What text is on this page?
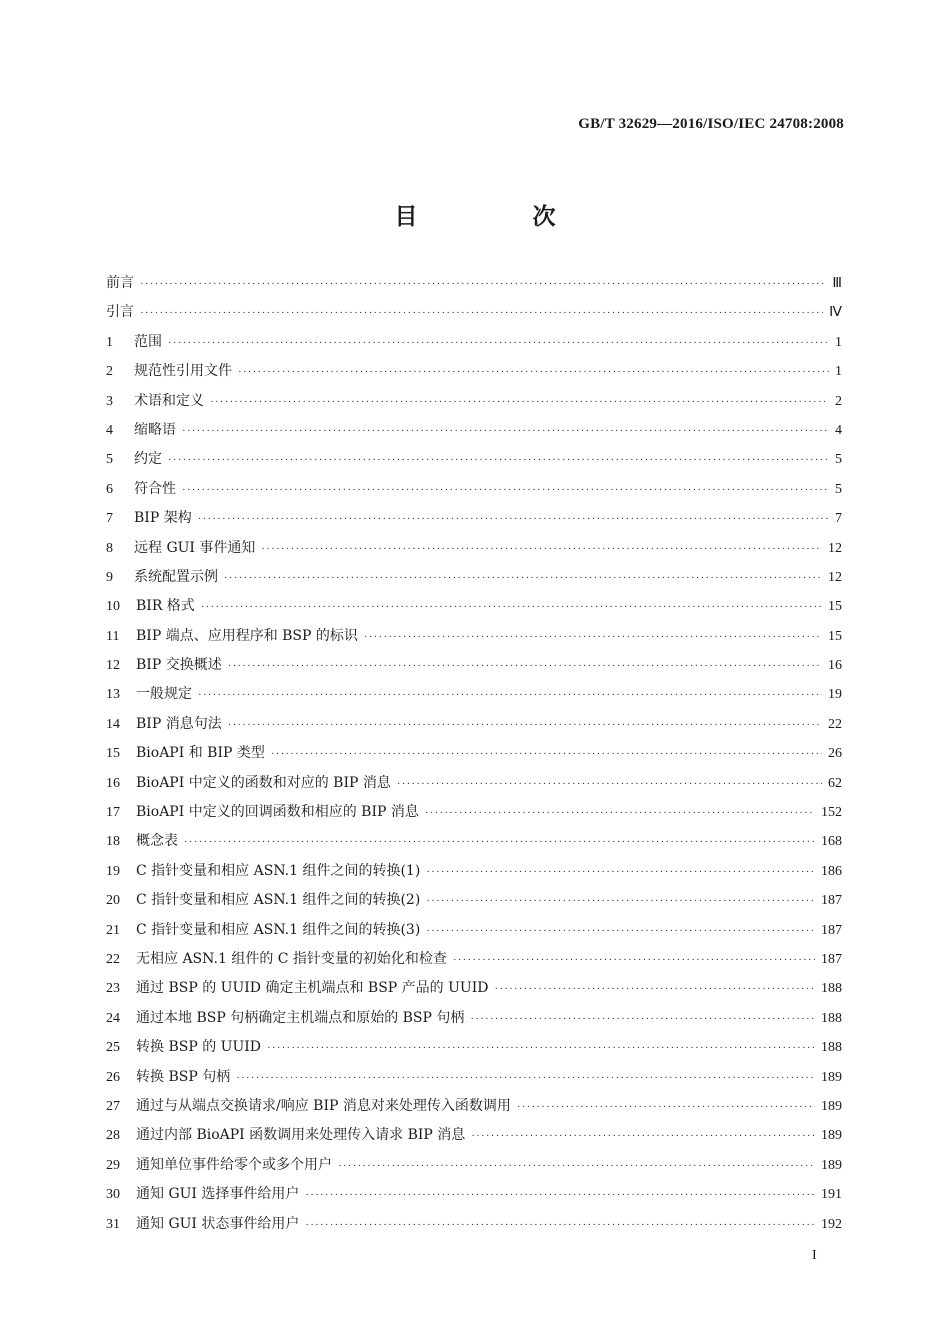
GB/T 32629—2016/ISO/IEC 24708:2008
目　次
前言 ·····	Ⅲ
引言 ·····	Ⅳ
1	范围 ·····	1
2	规范性引用文件 ·····	1
3	术语和定义 ·····	2
4	缩略语 ·····	4
5	约定 ·····	5
6	符合性 ·····	5
7	BIP 架构 ·····	7
8	远程 GUI 事件通知 ·····	12
9	系统配置示例 ·····	12
10	BIR 格式 ·····	15
11	BIP 端点、应用程序和 BSP 的标识 ·····	15
12	BIP 交换概述 ·····	16
13	一般规定 ·····	19
14	BIP 消息句法 ·····	22
15	BioAPI 和 BIP 类型 ·····	26
16	BioAPI 中定义的函数和对应的 BIP 消息 ·····	62
17	BioAPI 中定义的回调函数和相应的 BIP 消息 ·····	152
18	概念表 ·····	168
19	C 指针变量和相应 ASN.1 组件之间的转换(1) ·····	186
20	C 指针变量和相应 ASN.1 组件之间的转换(2) ·····	187
21	C 指针变量和相应 ASN.1 组件之间的转换(3) ·····	187
22	无相应 ASN.1 组件的 C 指针变量的初始化和检查 ·····	187
23	通过 BSP 的 UUID 确定主机端点和 BSP 产品的 UUID ·····	188
24	通过本地 BSP 句柄确定主机端点和原始的 BSP 句柄 ·····	188
25	转换 BSP 的 UUID ·····	188
26	转换 BSP 句柄 ·····	189
27	通过与从端点交换请求/响应 BIP 消息对来处理传入函数调用 ·····	189
28	通过内部 BioAPI 函数调用来处理传入请求 BIP 消息 ·····	189
29	通知单位事件给零个或多个用户 ·····	189
30	通知 GUI 选择事件给用户 ·····	191
31	通知 GUI 状态事件给用户 ·····	192
I
